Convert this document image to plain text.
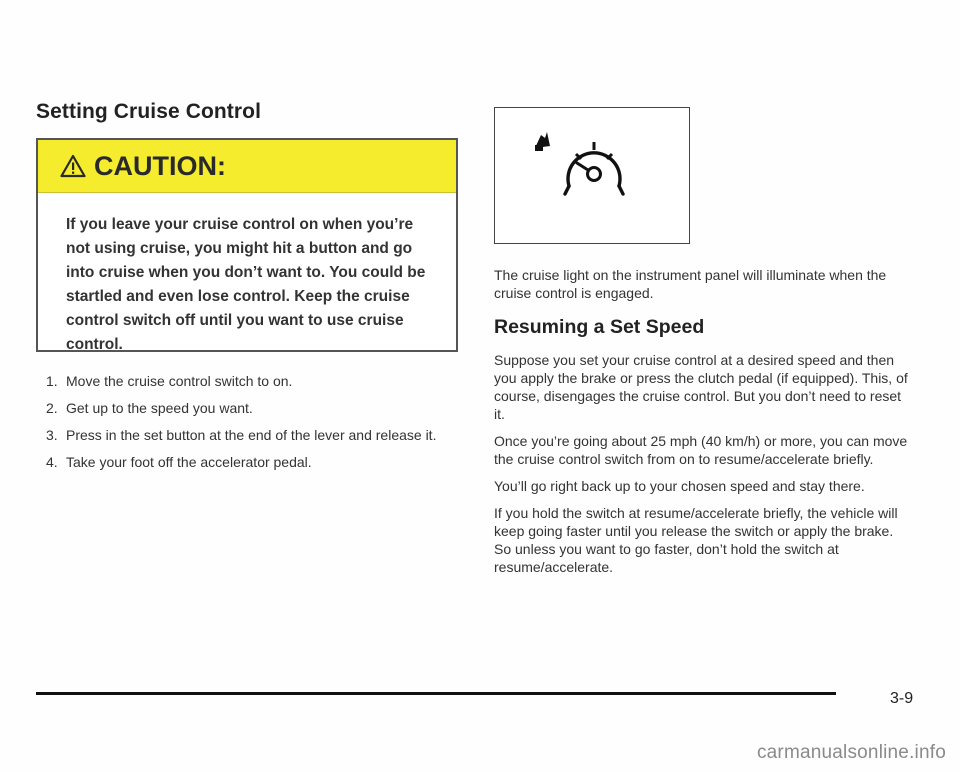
Setting Cruise Control
CAUTION:
If you leave your cruise control on when you’re not using cruise, you might hit a button and go into cruise when you don’t want to. You could be startled and even lose control. Keep the cruise control switch off until you want to use cruise control.
1. Move the cruise control switch to on.
2. Get up to the speed you want.
3. Press in the set button at the end of the lever and release it.
4. Take your foot off the accelerator pedal.

The cruise light on the instrument panel will illuminate when the cruise control is engaged.

Resuming a Set Speed

Suppose you set your cruise control at a desired speed and then you apply the brake or press the clutch pedal (if equipped). This, of course, disengages the cruise control. But you don’t need to reset it.

Once you’re going about 25 mph (40 km/h) or more, you can move the cruise control switch from on to resume/accelerate briefly.

You’ll go right back up to your chosen speed and stay there.

If you hold the switch at resume/accelerate briefly, the vehicle will keep going faster until you release the switch or apply the brake. So unless you want to go faster, don’t hold the switch at resume/accelerate.

3-9
carmanualsonline.info
